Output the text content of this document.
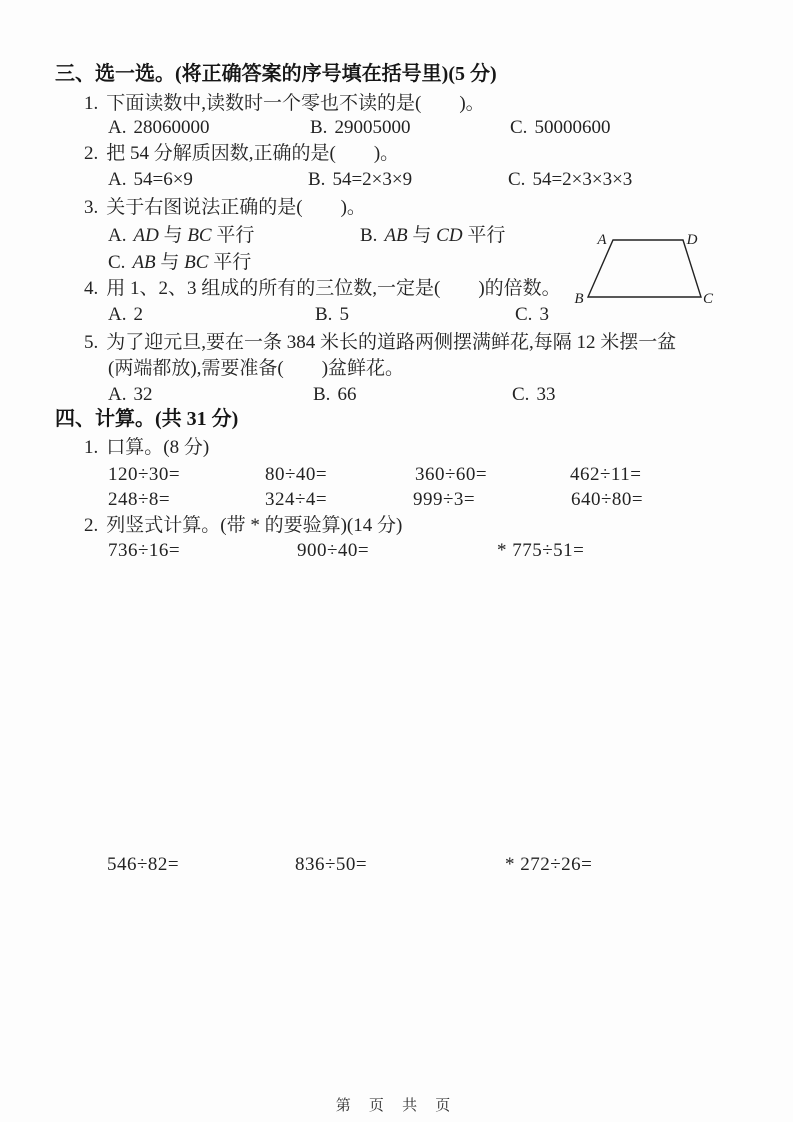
三、选一选。(将正确答案的序号填在括号里)(5 分)
1. 下面读数中,读数时一个零也不读的是(　　)。
A. 28060000	B. 29005000	C. 50000600
2. 把 54 分解质因数,正确的是(　　)。
A. 54=6×9	B. 54=2×3×9	C. 54=2×3×3×3
3. 关于右图说法正确的是(　　)。
A. AD 与 BC 平行	B. AB 与 CD 平行
C. AB 与 BC 平行
A	D
B	C
4. 用 1、2、3 组成的所有的三位数,一定是(　　)的倍数。
A. 2	B. 5	C. 3
5. 为了迎元旦,要在一条 384 米长的道路两侧摆满鲜花,每隔 12 米摆一盆
(两端都放),需要准备(　　)盆鲜花。
A. 32	B. 66	C. 33
四、计算。(共 31 分)
1. 口算。(8 分)
120÷30=	80÷40=	360÷60=	462÷11=
248÷8=	324÷4=	999÷3=	640÷80=
2. 列竖式计算。(带 * 的要验算)(14 分)
736÷16=	900÷40=	* 775÷51=
546÷82=	836÷50=	* 272÷26=
第 页 共 页
